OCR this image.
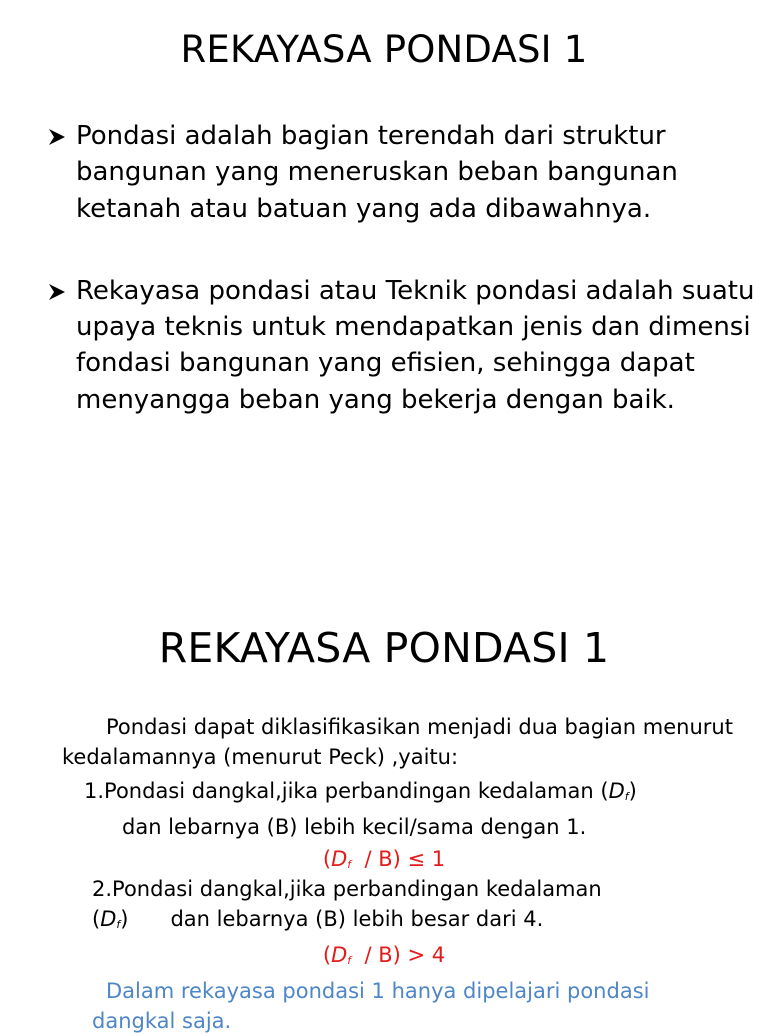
REKAYASA PONDASI 1
Pondasi adalah bagian terendah dari struktur bangunan yang meneruskan beban bangunan ketanah atau batuan yang ada dibawahnya.
Rekayasa pondasi atau Teknik pondasi adalah suatu upaya teknis untuk mendapatkan jenis dan dimensi fondasi bangunan yang efisien, sehingga dapat menyangga beban yang bekerja dengan baik.
REKAYASA PONDASI 1
Pondasi dapat diklasifikasikan menjadi dua bagian menurut kedalamannya (menurut Peck) ,yaitu:
1.Pondasi dangkal,jika perbandingan kedalaman $(D_f)$
dan lebarnya (B) lebih kecil/sama dengan 1.
$(D_f / B) \le 1$
2.Pondasi dangkal,jika perbandingan kedalaman
$(D_f)$ dan lebarnya (B) lebih besar dari 4.
$(D_f / B) > 4$
Dalam rekayasa pondasi 1 hanya dipelajari pondasi dangkal saja.
